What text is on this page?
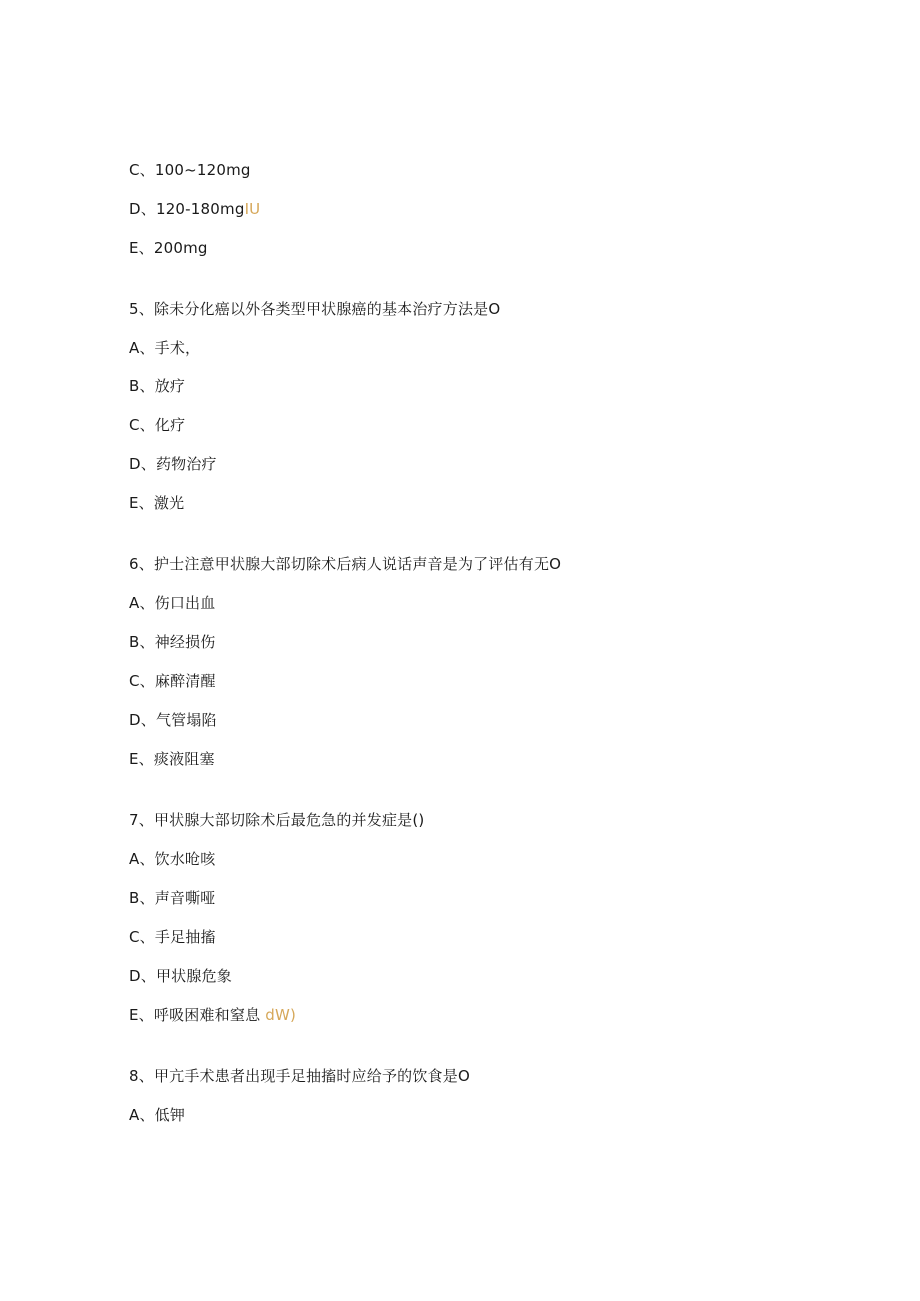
C、100~120mg
D、120-180mgIU
E、200mg
5、除未分化癌以外各类型甲状腺癌的基本治疗方法是O
A、手术，
B、放疗
C、化疗
D、药物治疗
E、激光
6、护士注意甲状腺大部切除术后病人说话声音是为了评估有无O
A、伤口出血
B、神经损伤
C、麻醉清醒
D、气管塌陷
E、痰液阻塞
7、甲状腺大部切除术后最危急的并发症是()
A、饮水呛咳
B、声音嘶哑
C、手足抽搐
D、甲状腺危象
E、呼吸困难和窒息 dW)
8、甲亢手术患者出现手足抽搐时应给予的饮食是O
A、低钾
